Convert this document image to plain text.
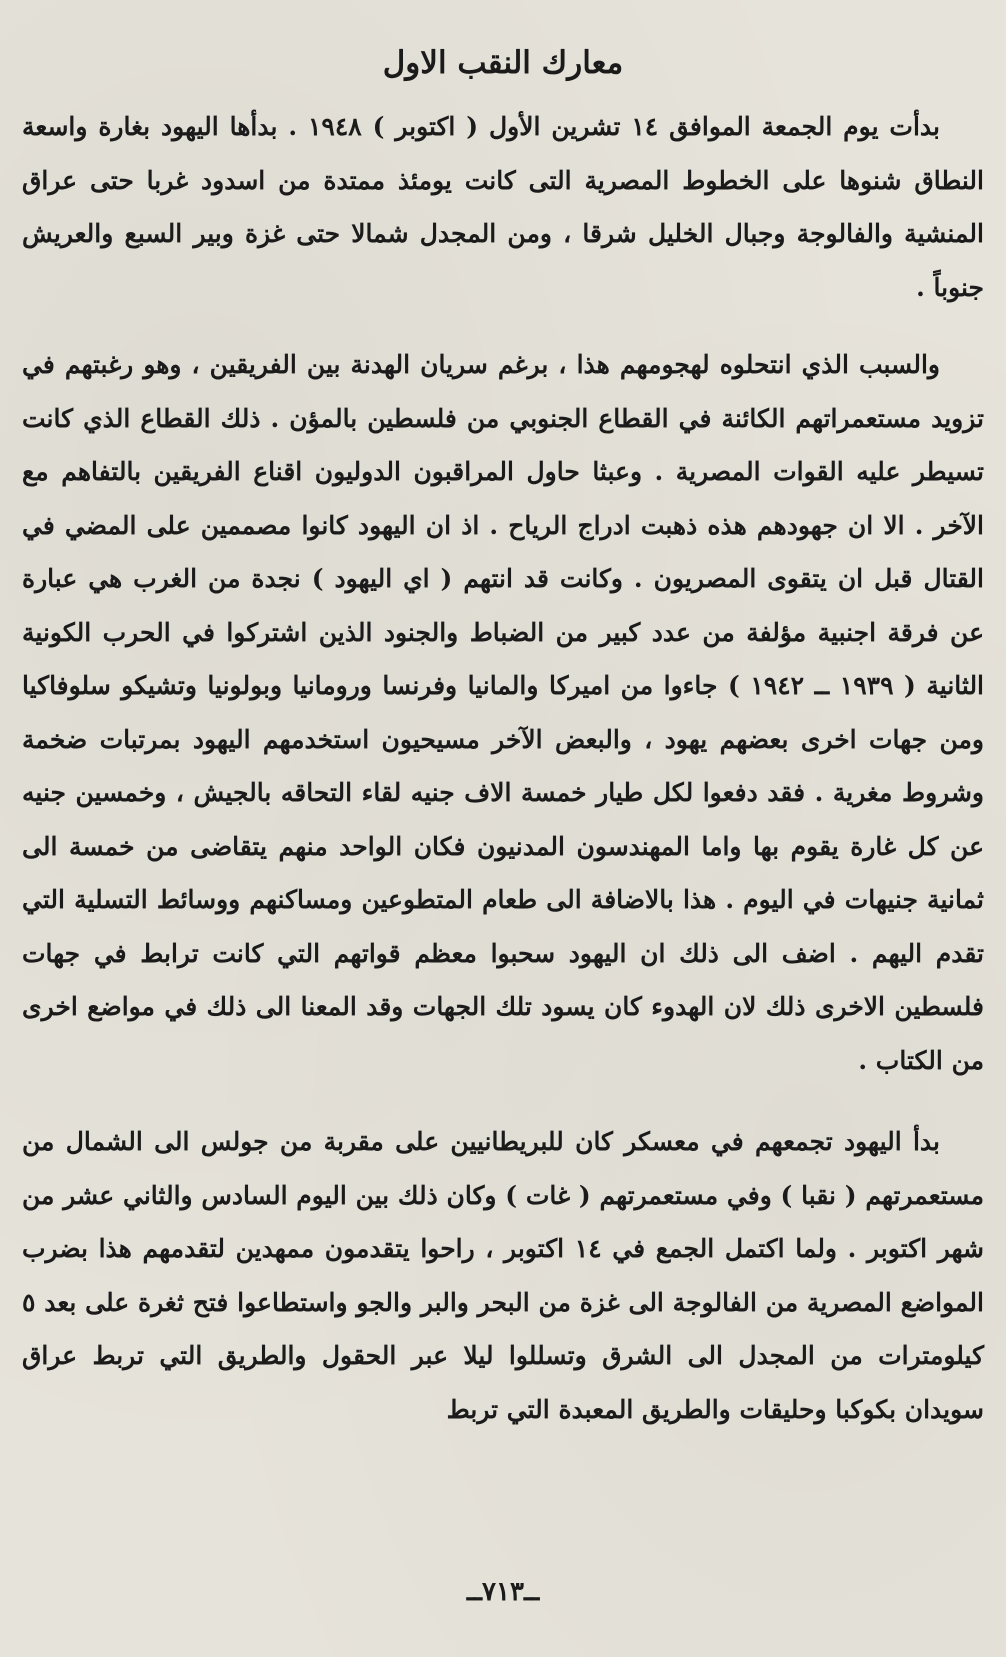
معارك النقب الاول

بدأت يوم الجمعة الموافق ١٤ تشرين الأول ( اكتوبر ) ١٩٤٨ . بدأها اليهود بغارة واسعة النطاق شنوها على الخطوط المصرية التى كانت يومئذ ممتدة من اسدود غربا حتى عراق المنشية والفالوجة وجبال الخليل شرقا ، ومن المجدل شمالا حتى غزة وبير السبع والعريش جنوباً .

والسبب الذي انتحلوه لهجومهم هذا ، برغم سريان الهدنة بين الفريقين ، وهو رغبتهم في تزويد مستعمراتهم الكائنة في القطاع الجنوبي من فلسطين بالمؤن . ذلك القطاع الذي كانت تسيطر عليه القوات المصرية . وعبثا حاول المراقبون الدوليون اقناع الفريقين بالتفاهم مع الآخر . الا ان جهودهم هذه ذهبت ادراج الرياح . اذ ان اليهود كانوا مصممين على المضي في القتال قبل ان يتقوى المصريون . وكانت قد انتهم ( اي اليهود ) نجدة من الغرب هي عبارة عن فرقة اجنبية مؤلفة من عدد كبير من الضباط والجنود الذين اشتركوا في الحرب الكونية الثانية ( ١٩٣٩ ــ ١٩٤٢ ) جاءوا من اميركا والمانيا وفرنسا ورومانيا وبولونيا وتشيكو سلوفاكيا ومن جهات اخرى بعضهم يهود ، والبعض الآخر مسيحيون استخدمهم اليهود بمرتبات ضخمة وشروط مغرية . فقد دفعوا لكل طيار خمسة الاف جنيه لقاء التحاقه بالجيش ، وخمسين جنيه عن كل غارة يقوم بها واما المهندسون المدنيون فكان الواحد منهم يتقاضى من خمسة الى ثمانية جنيهات في اليوم . هذا بالاضافة الى طعام المتطوعين ومساكنهم ووسائط التسلية التي تقدم اليهم . اضف الى ذلك ان اليهود سحبوا معظم قواتهم التي كانت ترابط في جهات فلسطين الاخرى ذلك لان الهدوء كان يسود تلك الجهات وقد المعنا الى ذلك في مواضع اخرى من الكتاب .

بدأ اليهود تجمعهم في معسكر كان للبريطانيين على مقربة من جولس الى الشمال من مستعمرتهم ( نقبا ) وفي مستعمرتهم ( غات ) وكان ذلك بين اليوم السادس والثاني عشر من شهر اكتوبر . ولما اكتمل الجمع في ١٤ اكتوبر ، راحوا يتقدمون ممهدين لتقدمهم هذا بضرب المواضع المصرية من الفالوجة الى غزة من البحر والبر والجو واستطاعوا فتح ثغرة على بعد ٥ كيلومترات من المجدل الى الشرق وتسللوا ليلا عبر الحقول والطريق التي تربط عراق سويدان بكوكبا وحليقات والطريق المعبدة التي تربط

ــ٧١٣ــ
